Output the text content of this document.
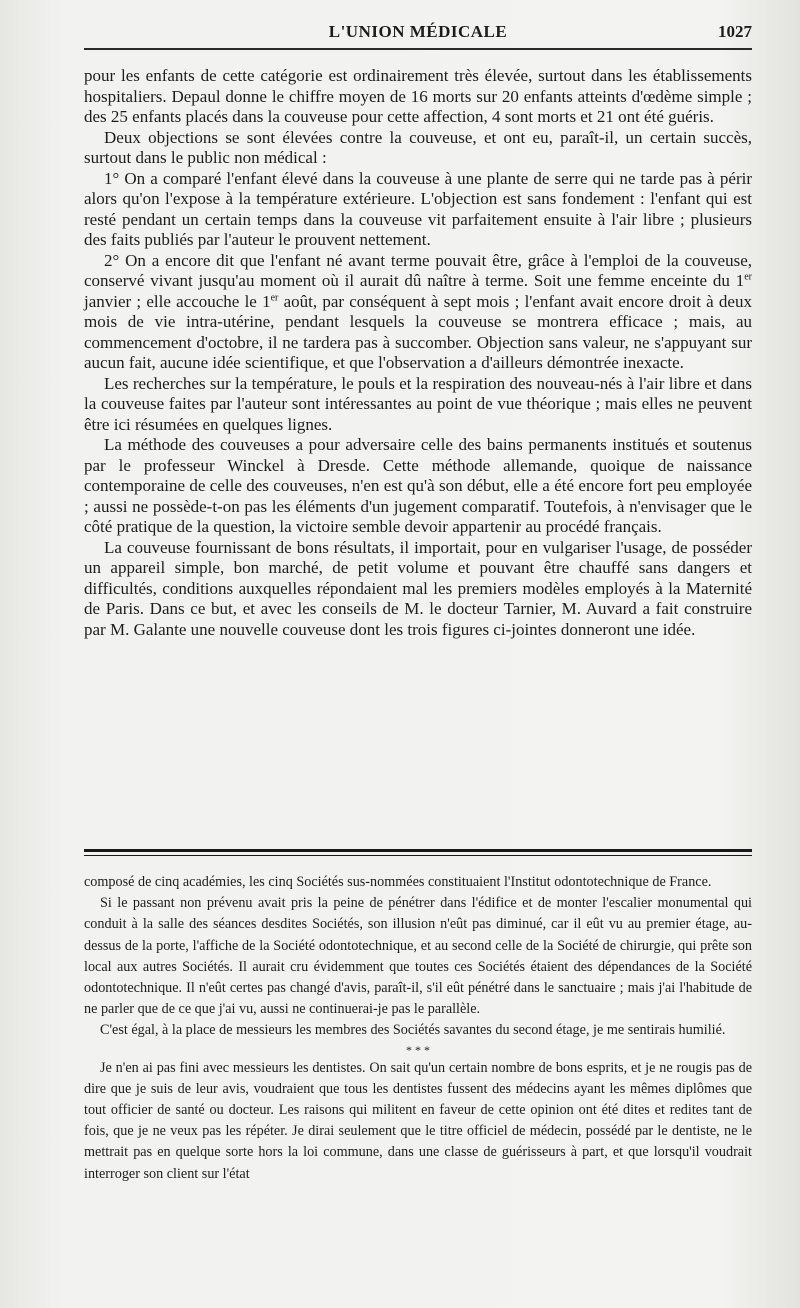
L'UNION MÉDICALE	1027

pour les enfants de cette catégorie est ordinairement très élevée, surtout dans les établissements hospitaliers. Depaul donne le chiffre moyen de 16 morts sur 20 enfants atteints d'œdème simple ; des 25 enfants placés dans la couveuse pour cette affection, 4 sont morts et 21 ont été guéris.

Deux objections se sont élevées contre la couveuse, et ont eu, paraît-il, un certain succès, surtout dans le public non médical :

1° On a comparé l'enfant élevé dans la couveuse à une plante de serre qui ne tarde pas à périr alors qu'on l'expose à la température extérieure. L'objection est sans fondement : l'enfant qui est resté pendant un certain temps dans la couveuse vit parfaitement ensuite à l'air libre ; plusieurs des faits publiés par l'auteur le prouvent nettement.

2° On a encore dit que l'enfant né avant terme pouvait être, grâce à l'emploi de la couveuse, conservé vivant jusqu'au moment où il aurait dû naître à terme. Soit une femme enceinte du 1er janvier ; elle accouche le 1er août, par conséquent à sept mois ; l'enfant avait encore droit à deux mois de vie intra-utérine, pendant lesquels la couveuse se montrera efficace ; mais, au commencement d'octobre, il ne tardera pas à succomber. Objection sans valeur, ne s'appuyant sur aucun fait, aucune idée scientifique, et que l'observation a d'ailleurs démontrée inexacte.

Les recherches sur la température, le pouls et la respiration des nouveau-nés à l'air libre et dans la couveuse faites par l'auteur sont intéressantes au point de vue théorique ; mais elles ne peuvent être ici résumées en quelques lignes.

La méthode des couveuses a pour adversaire celle des bains permanents institués et soutenus par le professeur Winckel à Dresde. Cette méthode allemande, quoique de naissance contemporaine de celle des couveuses, n'en est qu'à son début, elle a été encore fort peu employée ; aussi ne possède-t-on pas les éléments d'un jugement comparatif. Toutefois, à n'envisager que le côté pratique de la question, la victoire semble devoir appartenir au procédé français.

La couveuse fournissant de bons résultats, il importait, pour en vulgariser l'usage, de posséder un appareil simple, bon marché, de petit volume et pouvant être chauffé sans dangers et difficultés, conditions auxquelles répondaient mal les premiers modèles employés à la Maternité de Paris. Dans ce but, et avec les conseils de M. le docteur Tarnier, M. Auvard a fait construire par M. Galante une nouvelle couveuse dont les trois figures ci-jointes donneront une idée.

composé de cinq académies, les cinq Sociétés sus-nommées constituaient l'Institut odontotechnique de France.

Si le passant non prévenu avait pris la peine de pénétrer dans l'édifice et de monter l'escalier monumental qui conduit à la salle des séances desdites Sociétés, son illusion n'eût pas diminué, car il eût vu au premier étage, au-dessus de la porte, l'affiche de la Société odontotechnique, et au second celle de la Société de chirurgie, qui prête son local aux autres Sociétés. Il aurait cru évidemment que toutes ces Sociétés étaient des dépendances de la Société odontotechnique. Il n'eût certes pas changé d'avis, paraît-il, s'il eût pénétré dans le sanctuaire ; mais j'ai l'habitude de ne parler que de ce que j'ai vu, aussi ne continuerai-je pas le parallèle.

C'est égal, à la place de messieurs les membres des Sociétés savantes du second étage, je me sentirais humilié.

* * *

Je n'en ai pas fini avec messieurs les dentistes. On sait qu'un certain nombre de bons esprits, et je ne rougis pas de dire que je suis de leur avis, voudraient que tous les dentistes fussent des médecins ayant les mêmes diplômes que tout officier de santé ou docteur. Les raisons qui militent en faveur de cette opinion ont été dites et redites tant de fois, que je ne veux pas les répéter. Je dirai seulement que le titre officiel de médecin, possédé par le dentiste, ne le mettrait pas en quelque sorte hors la loi commune, dans une classe de guérisseurs à part, et que lorsqu'il voudrait interroger son client sur l'état
